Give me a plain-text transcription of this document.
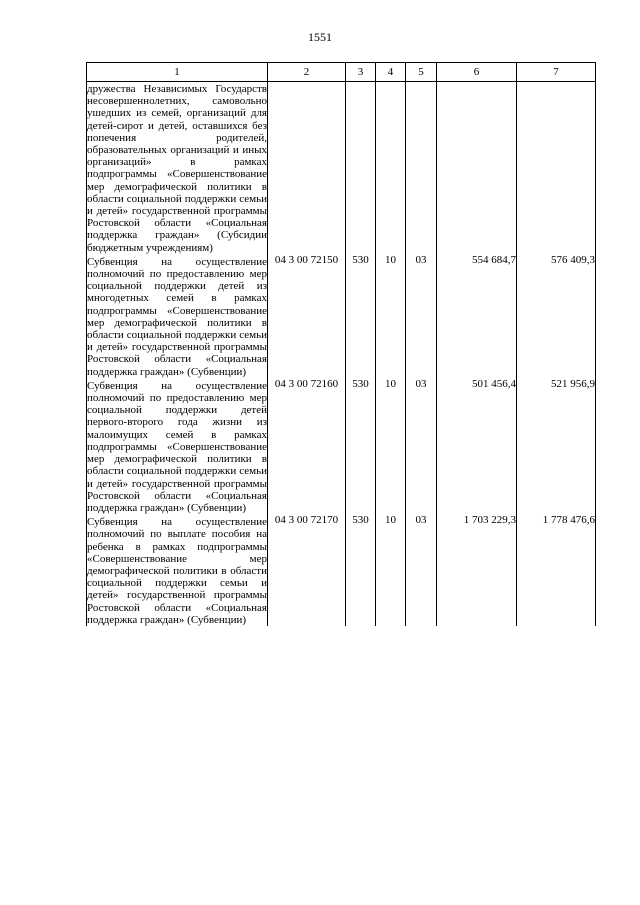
1551
1	2	3	4	5	6	7
дружества Независимых Государств несовершеннолетних, самовольно ушедших из семей, организаций для детей-сирот и детей, оставшихся без попечения родителей, образовательных организаций и иных организаций» в рамках подпрограммы «Совершенствование мер демографической политики в области социальной поддержки семьи и детей» государственной программы Ростовской области «Социальная поддержка граждан» (Субсидии бюджетным учреждениям)						
Субвенция на осуществление полномочий по предоставлению мер социальной поддержки детей из многодетных семей в рамках подпрограммы «Совершенствование мер демографической политики в области социальной поддержки семьи и детей» государственной программы Ростовской области «Социальная поддержка граждан» (Субвенции)	04 3 00 72150	530	10	03	554 684,7	576 409,3
Субвенция на осуществление полномочий по предоставлению мер социальной поддержки детей первого-второго года жизни из малоимущих семей в рамках подпрограммы «Совершенствование мер демографической политики в области социальной поддержки семьи и детей» государственной программы Ростовской области «Социальная поддержка граждан» (Субвенции)	04 3 00 72160	530	10	03	501 456,4	521 956,9
Субвенция на осуществление полномочий по выплате пособия на ребенка в рамках подпрограммы «Совершенствование мер демографической политики в области социальной поддержки семьи и детей» государственной программы Ростовской области «Социальная поддержка граждан» (Субвенции)	04 3 00 72170	530	10	03	1 703 229,3	1 778 476,6
